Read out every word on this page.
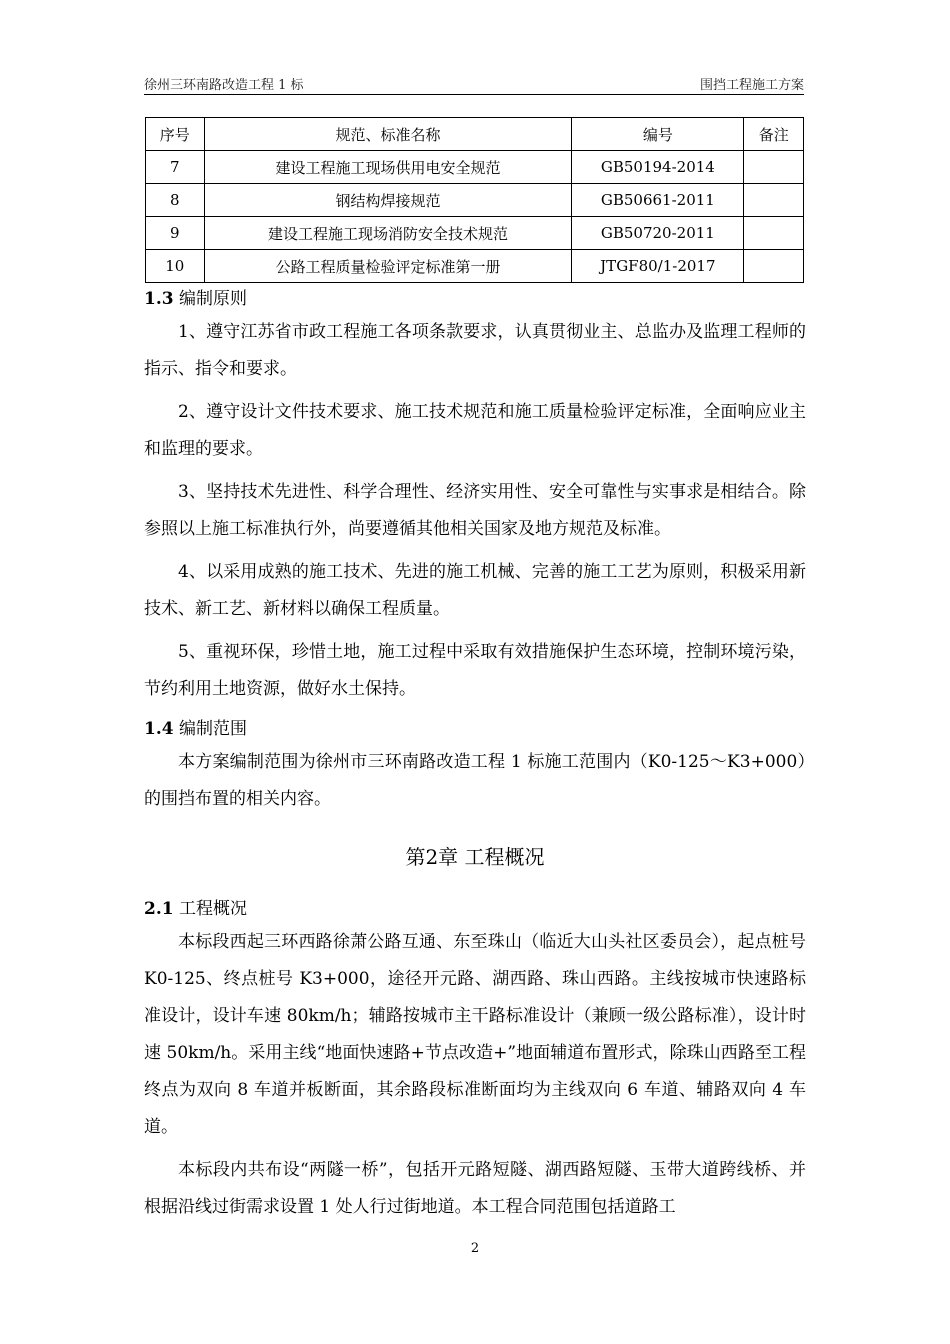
徐州三环南路改造工程 1 标	围挡工程施工方案
序号	规范、标准名称	编号	备注
7	建设工程施工现场供用电安全规范	GB50194-2014	
8	钢结构焊接规范	GB50661-2011	
9	建设工程施工现场消防安全技术规范	GB50720-2011	
10	公路工程质量检验评定标准第一册	JTGF80/1-2017	
1.3 编制原则

1、遵守江苏省市政工程施工各项条款要求，认真贯彻业主、总监办及监理工程师的指示、指令和要求。

2、遵守设计文件技术要求、施工技术规范和施工质量检验评定标准，全面响应业主和监理的要求。

3、坚持技术先进性、科学合理性、经济实用性、安全可靠性与实事求是相结合。除参照以上施工标准执行外，尚要遵循其他相关国家及地方规范及标准。

4、以采用成熟的施工技术、先进的施工机械、完善的施工工艺为原则，积极采用新技术、新工艺、新材料以确保工程质量。

5、重视环保，珍惜土地，施工过程中采取有效措施保护生态环境，控制环境污染，节约利用土地资源，做好水土保持。

1.4 编制范围

本方案编制范围为徐州市三环南路改造工程 1 标施工范围内（K0-125～K3+000）的围挡布置的相关内容。

第2章 工程概况
2.1 工程概况

本标段西起三环西路徐萧公路互通、东至珠山（临近大山头社区委员会），起点桩号 K0-125、终点桩号 K3+000，途径开元路、湖西路、珠山西路。主线按城市快速路标准设计，设计车速 80km/h；辅路按城市主干路标准设计（兼顾一级公路标准），设计时速 50km/h。采用主线“地面快速路+节点改造+”地面辅道布置形式，除珠山西路至工程终点为双向 8 车道并板断面，其余路段标准断面均为主线双向 6 车道、辅路双向 4 车道。

本标段内共布设“两隧一桥”，包括开元路短隧、湖西路短隧、玉带大道跨线桥、并根据沿线过街需求设置 1 处人行过街地道。本工程合同范围包括道路工

2
